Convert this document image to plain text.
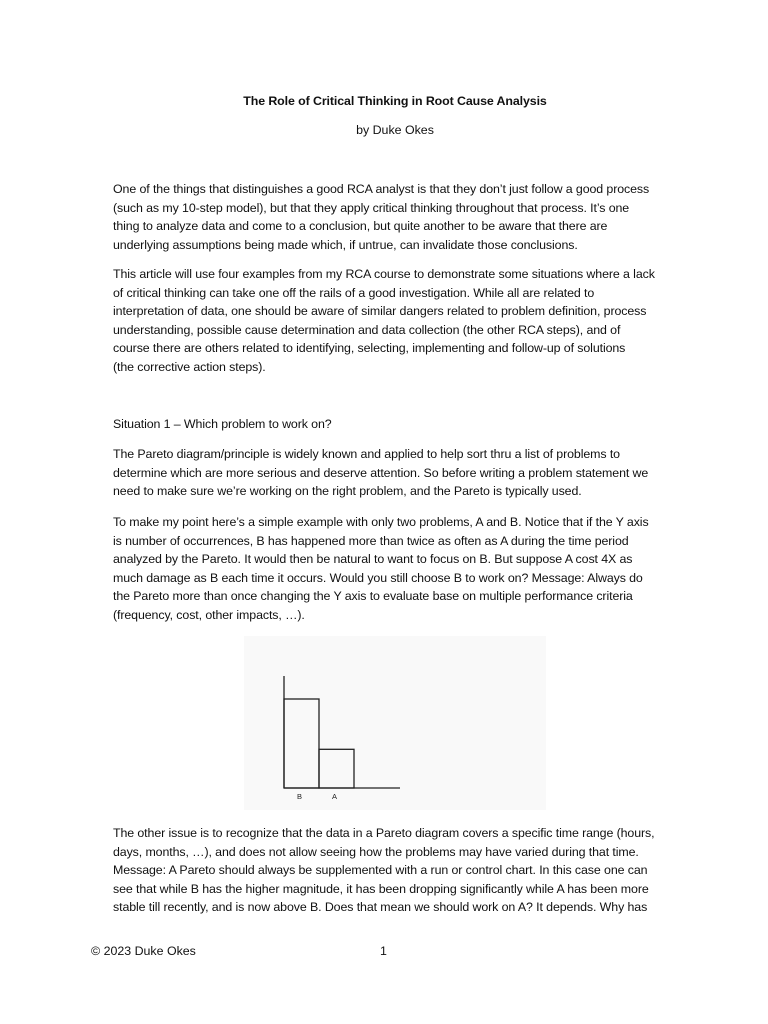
The Role of Critical Thinking in Root Cause Analysis
by Duke Okes
One of the things that distinguishes a good RCA analyst is that they don’t just follow a good process
(such as my 10-step model), but that they apply critical thinking throughout that process. It’s one
thing to analyze data and come to a conclusion, but quite another to be aware that there are
underlying assumptions being made which, if untrue, can invalidate those conclusions.
This article will use four examples from my RCA course to demonstrate some situations where a lack
of critical thinking can take one off the rails of a good investigation. While all are related to
interpretation of data, one should be aware of similar dangers related to problem definition, process
understanding, possible cause determination and data collection (the other RCA steps), and of
course there are others related to identifying, selecting, implementing and follow-up of solutions
(the corrective action steps).
Situation 1 – Which problem to work on?
The Pareto diagram/principle is widely known and applied to help sort thru a list of problems to
determine which are more serious and deserve attention. So before writing a problem statement we
need to make sure we’re working on the right problem, and the Pareto is typically used.
To make my point here’s a simple example with only two problems, A and B. Notice that if the Y axis
is number of occurrences, B has happened more than twice as often as A during the time period
analyzed by the Pareto. It would then be natural to want to focus on B. But suppose A cost 4X as
much damage as B each time it occurs. Would you still choose B to work on? Message: Always do
the Pareto more than once changing the Y axis to evaluate base on multiple performance criteria
(frequency, cost, other impacts, …).
B	A
The other issue is to recognize that the data in a Pareto diagram covers a specific time range (hours,
days, months, …), and does not allow seeing how the problems may have varied during that time.
Message: A Pareto should always be supplemented with a run or control chart. In this case one can
see that while B has the higher magnitude, it has been dropping significantly while A has been more
stable till recently, and is now above B. Does that mean we should work on A? It depends. Why has
© 2023 Duke Okes	1
